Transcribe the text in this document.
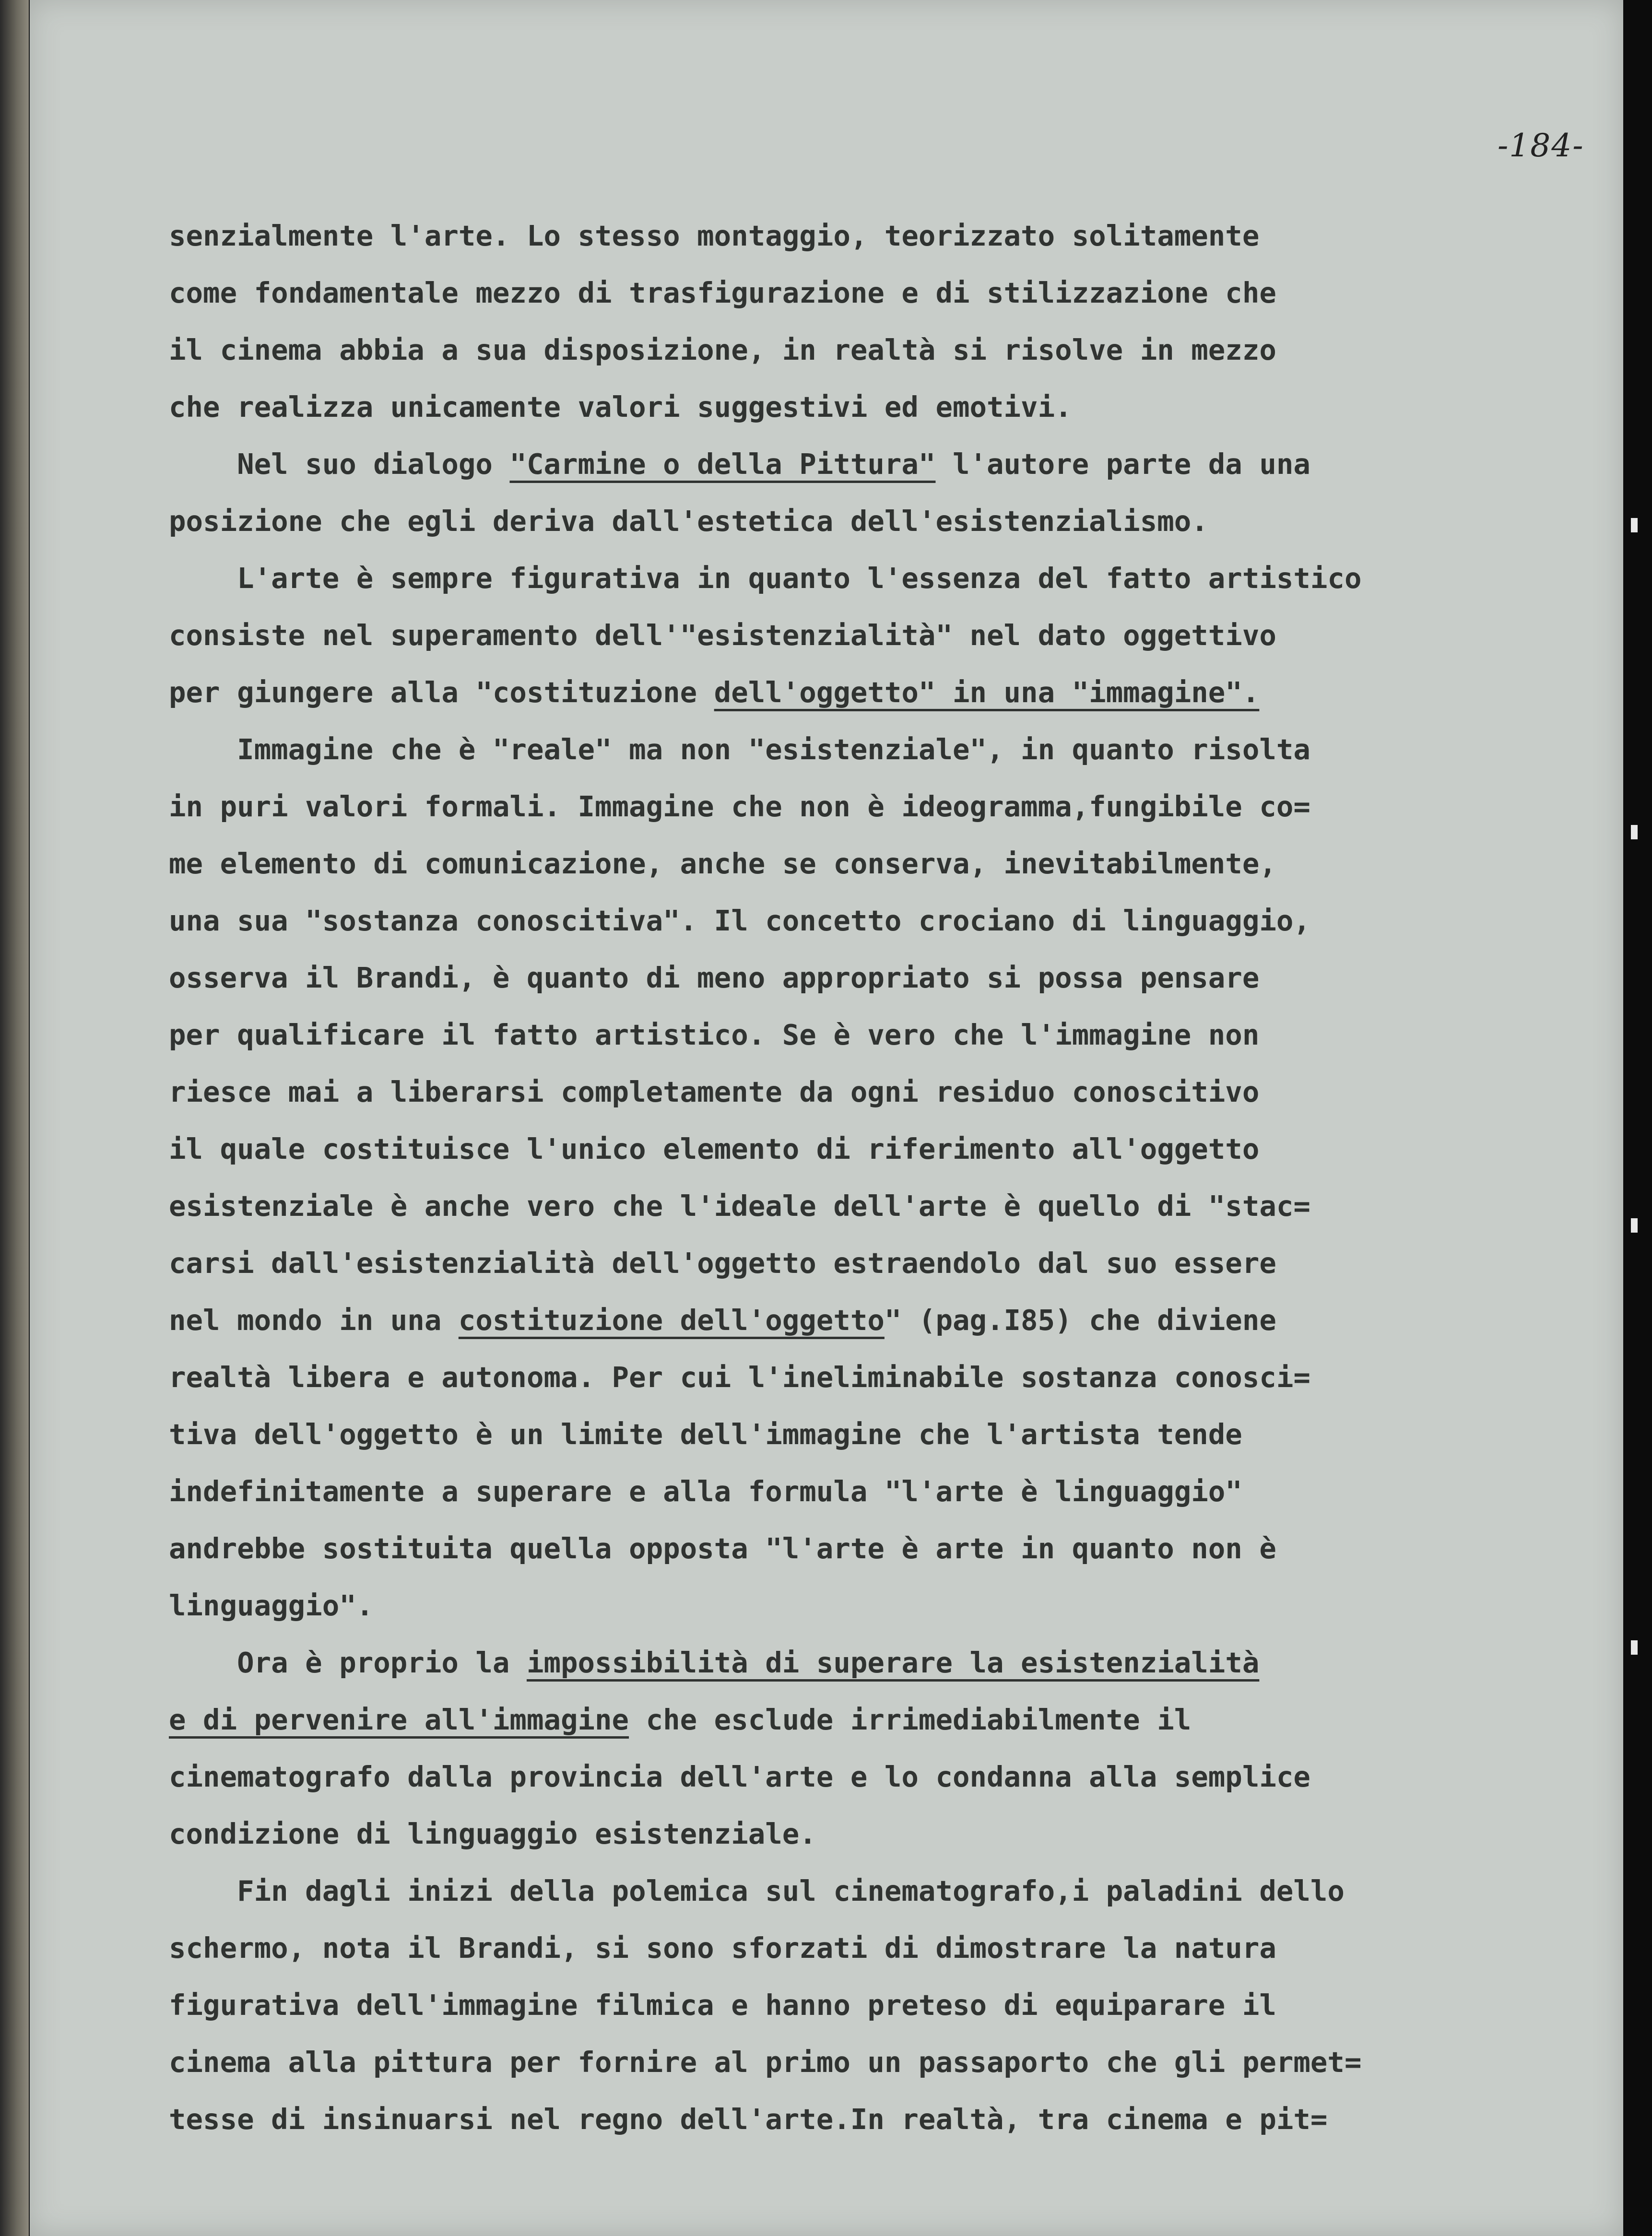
-184-
senzialmente l'arte. Lo stesso montaggio, teorizzato solitamente
come fondamentale mezzo di trasfigurazione e di stilizzazione che
il cinema abbia a sua disposizione, in realtà si risolve in mezzo
che realizza unicamente valori suggestivi ed emotivi.
Nel suo dialogo "Carmine o della Pittura" l'autore parte da una
posizione che egli deriva dall'estetica dell'esistenzialismo.
L'arte è sempre figurativa in quanto l'essenza del fatto artistico
consiste nel superamento dell'"esistenzialità" nel dato oggettivo
per giungere alla "costituzione dell'oggetto" in una "immagine".
Immagine che è "reale" ma non "esistenziale", in quanto risolta
in puri valori formali. Immagine che non è ideogramma,fungibile co=
me elemento di comunicazione, anche se conserva, inevitabilmente,
una sua "sostanza conoscitiva". Il concetto crociano di linguaggio,
osserva il Brandi, è quanto di meno appropriato si possa pensare
per qualificare il fatto artistico. Se è vero che l'immagine non
riesce mai a liberarsi completamente da ogni residuo conoscitivo
il quale costituisce l'unico elemento di riferimento all'oggetto
esistenziale è anche vero che l'ideale dell'arte è quello di "stac=
carsi dall'esistenzialità dell'oggetto estraendolo dal suo essere
nel mondo in una costituzione dell'oggetto" (pag.I85) che diviene
realtà libera e autonoma. Per cui l'ineliminabile sostanza conosci=
tiva dell'oggetto è un limite dell'immagine che l'artista tende
indefinitamente a superare e alla formula "l'arte è linguaggio"
andrebbe sostituita quella opposta "l'arte è arte in quanto non è
linguaggio".
Ora è proprio la impossibilità di superare la esistenzialità
e di pervenire all'immagine che esclude irrimediabilmente il
cinematografo dalla provincia dell'arte e lo condanna alla semplice
condizione di linguaggio esistenziale.
Fin dagli inizi della polemica sul cinematografo,i paladini dello
schermo, nota il Brandi, si sono sforzati di dimostrare la natura
figurativa dell'immagine filmica e hanno preteso di equiparare il
cinema alla pittura per fornire al primo un passaporto che gli permet=
tesse di insinuarsi nel regno dell'arte.In realtà, tra cinema e pit=
